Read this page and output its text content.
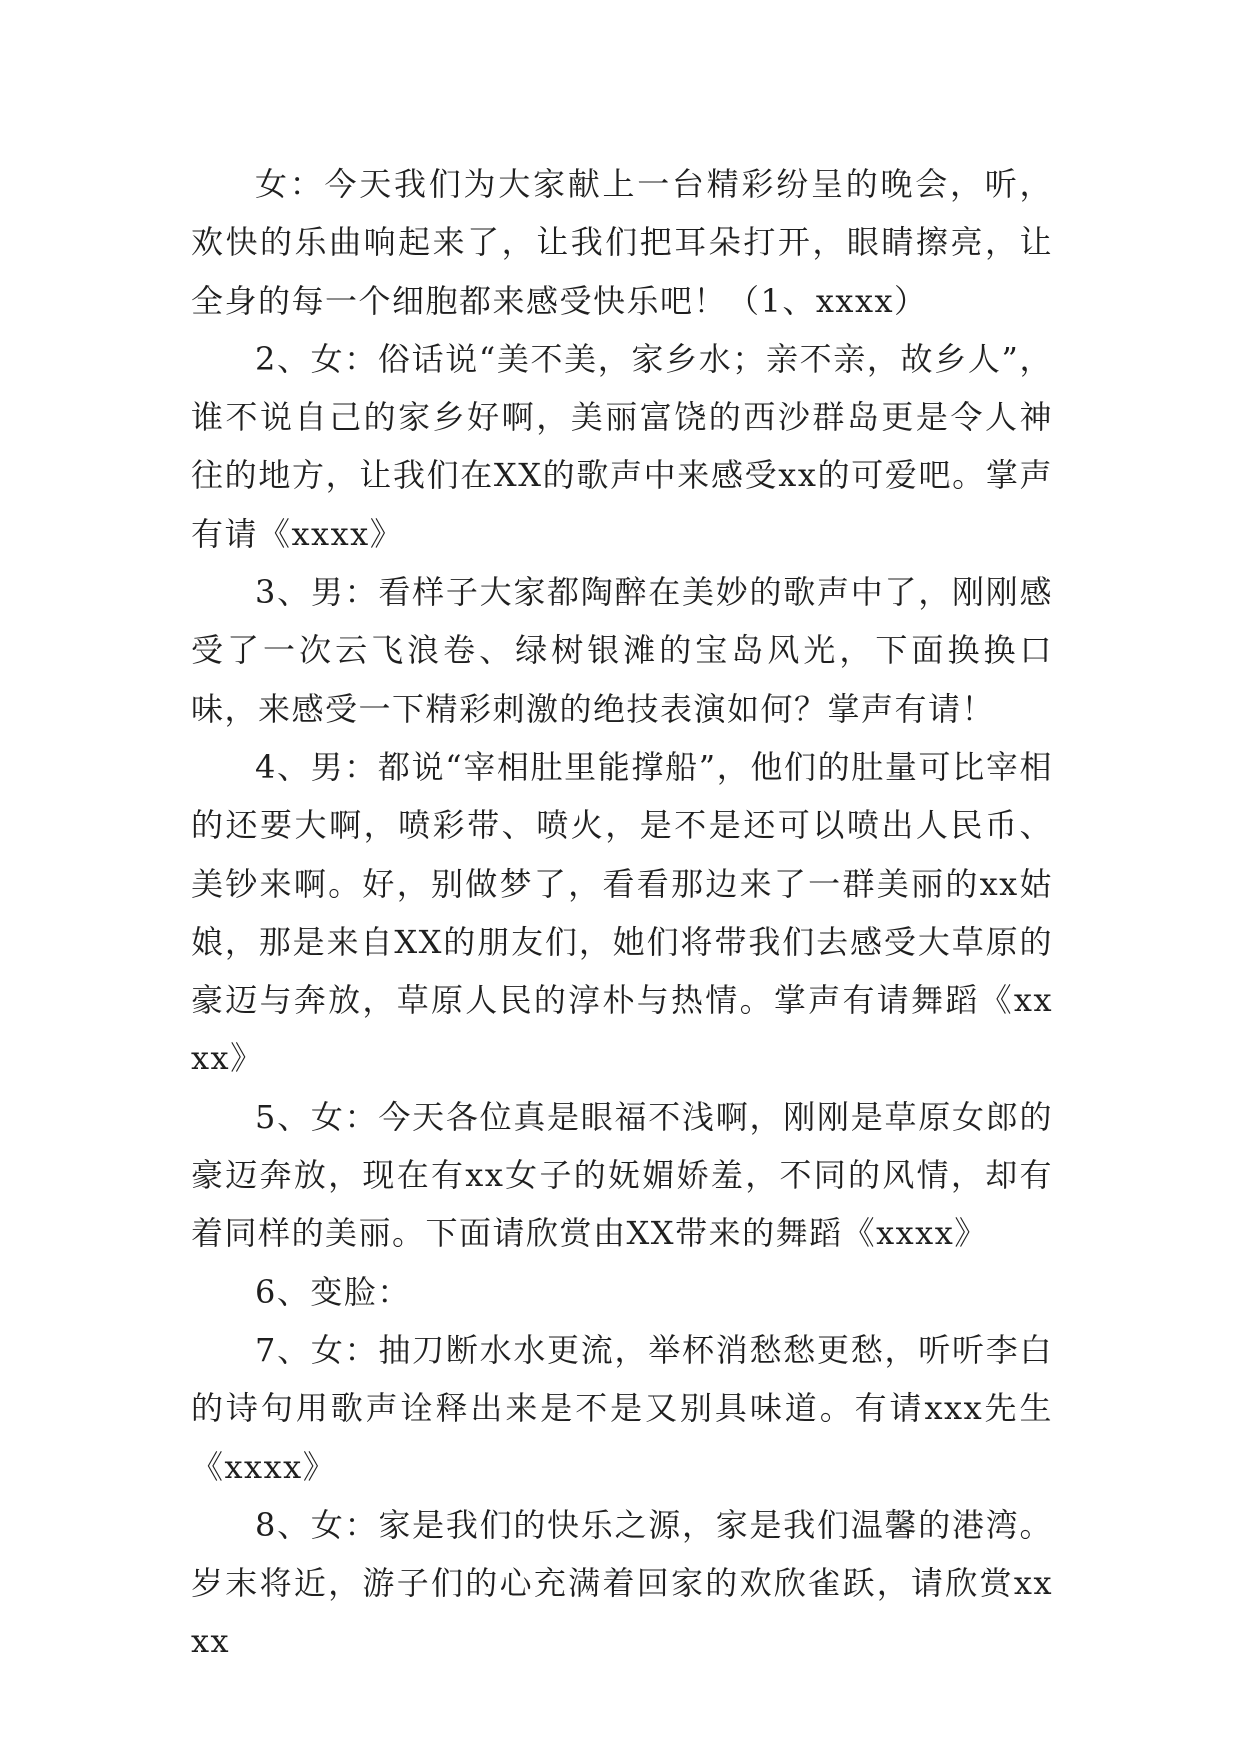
女：今天我们为大家献上一台精彩纷呈的晚会，听，欢快的乐曲响起来了，让我们把耳朵打开，眼睛擦亮，让全身的每一个细胞都来感受快乐吧！（1、xxxx）

2、女：俗话说“美不美，家乡水；亲不亲，故乡人”，谁不说自己的家乡好啊，美丽富饶的西沙群岛更是令人神往的地方，让我们在XX的歌声中来感受xx的可爱吧。掌声有请《xxxx》

3、男：看样子大家都陶醉在美妙的歌声中了，刚刚感受了一次云飞浪卷、绿树银滩的宝岛风光，下面换换口味，来感受一下精彩刺激的绝技表演如何？掌声有请！

4、男：都说“宰相肚里能撑船”，他们的肚量可比宰相的还要大啊，喷彩带、喷火，是不是还可以喷出人民币、美钞来啊。好，别做梦了，看看那边来了一群美丽的xx姑娘，那是来自XX的朋友们，她们将带我们去感受大草原的豪迈与奔放，草原人民的淳朴与热情。掌声有请舞蹈《xxxx》

5、女：今天各位真是眼福不浅啊，刚刚是草原女郎的豪迈奔放，现在有xx女子的妩媚娇羞，不同的风情，却有着同样的美丽。下面请欣赏由XX带来的舞蹈《xxxx》

6、变脸：

7、女：抽刀断水水更流，举杯消愁愁更愁，听听李白的诗句用歌声诠释出来是不是又别具味道。有请xxx先生《xxxx》

8、女：家是我们的快乐之源，家是我们温馨的港湾。岁末将近，游子们的心充满着回家的欢欣雀跃，请欣赏xxxx
